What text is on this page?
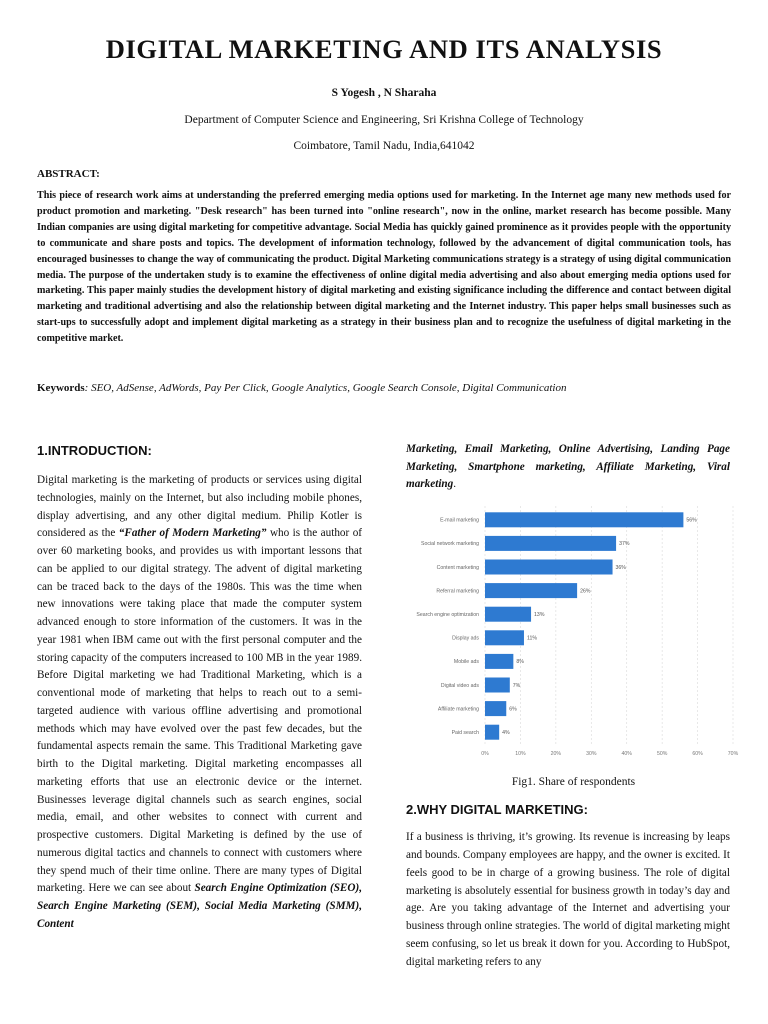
DIGITAL MARKETING AND ITS ANALYSIS
S Yogesh , N Sharaha
Department of Computer Science and Engineering, Sri Krishna College of Technology
Coimbatore, Tamil Nadu, India,641042
ABSTRACT:

This piece of research work aims at understanding the preferred emerging media options used for marketing. In the Internet age many new methods used for product promotion and marketing. "Desk research" has been turned into "online research", now in the online, market research has become possible. Many Indian companies are using digital marketing for competitive advantage. Social Media has quickly gained prominence as it provides people with the opportunity to communicate and share posts and topics. The development of information technology, followed by the advancement of digital communication tools, has encouraged businesses to change the way of communicating the product. Digital Marketing communications strategy is a strategy of using digital communication media. The purpose of the undertaken study is to examine the effectiveness of online digital media advertising and also about emerging media options used for marketing. This paper mainly studies the development history of digital marketing and existing significance including the difference and contact between digital marketing and traditional advertising and also the relationship between digital marketing and the Internet industry. This paper helps small businesses such as start-ups to successfully adopt and implement digital marketing as a strategy in their business plan and to recognize the usefulness of digital marketing in the competitive market.

Keywords: SEO, AdSense, AdWords, Pay Per Click, Google Analytics, Google Search Console, Digital Communication
1.INTRODUCTION:

Digital marketing is the marketing of products or services using digital technologies, mainly on the Internet, but also including mobile phones, display advertising, and any other digital medium. Philip Kotler is considered as the “Father of Modern Marketing” who is the author of over 60 marketing books, and provides us with important lessons that can be applied to our digital strategy. The advent of digital marketing can be traced back to the days of the 1980s. This was the time when new innovations were taking place that made the computer system advanced enough to store information of the customers. It was in the year 1981 when IBM came out with the first personal computer and the storing capacity of the computers increased to 100 MB in the year 1989. Before Digital marketing we had Traditional Marketing, which is a conventional mode of marketing that helps to reach out to a semi-targeted audience with various offline advertising and promotional methods which may have evolved over the past few decades, but the fundamental aspects remain the same. This Traditional Marketing gave birth to the Digital marketing. Digital marketing encompasses all marketing efforts that use an electronic device or the internet. Businesses leverage digital channels such as search engines, social media, email, and other websites to connect with current and prospective customers. Digital Marketing is defined by the use of numerous digital tactics and channels to connect with customers where they spend much of their time online. There are many types of Digital marketing. Here we can see about Search Engine Optimization (SEO), Search Engine Marketing (SEM), Social Media Marketing (SMM), Content

Marketing, Email Marketing, Online Advertising, Landing Page Marketing, Smartphone marketing, Affiliate Marketing, Viral marketing.

0%	10%	20%	30%	40%	50%	60%	70%
E-mail marketing	56%
Social network marketing	37%
Content marketing	36%
Referral marketing	26%
Search engine optimization	13%
Display ads	11%
Mobile ads	8%
Digital video ads	7%
Affiliate marketing	6%
Paid search	4%
Fig1. Share of respondents
2.WHY DIGITAL MARKETING:

If a business is thriving, it’s growing. Its revenue is increasing by leaps and bounds. Company employees are happy, and the owner is excited. It feels good to be in charge of a growing business. The role of digital marketing is absolutely essential for business growth in today’s day and age. Are you taking advantage of the Internet and advertising your business through online strategies. The world of digital marketing might seem confusing, so let us break it down for you. According to HubSpot, digital marketing refers to any
